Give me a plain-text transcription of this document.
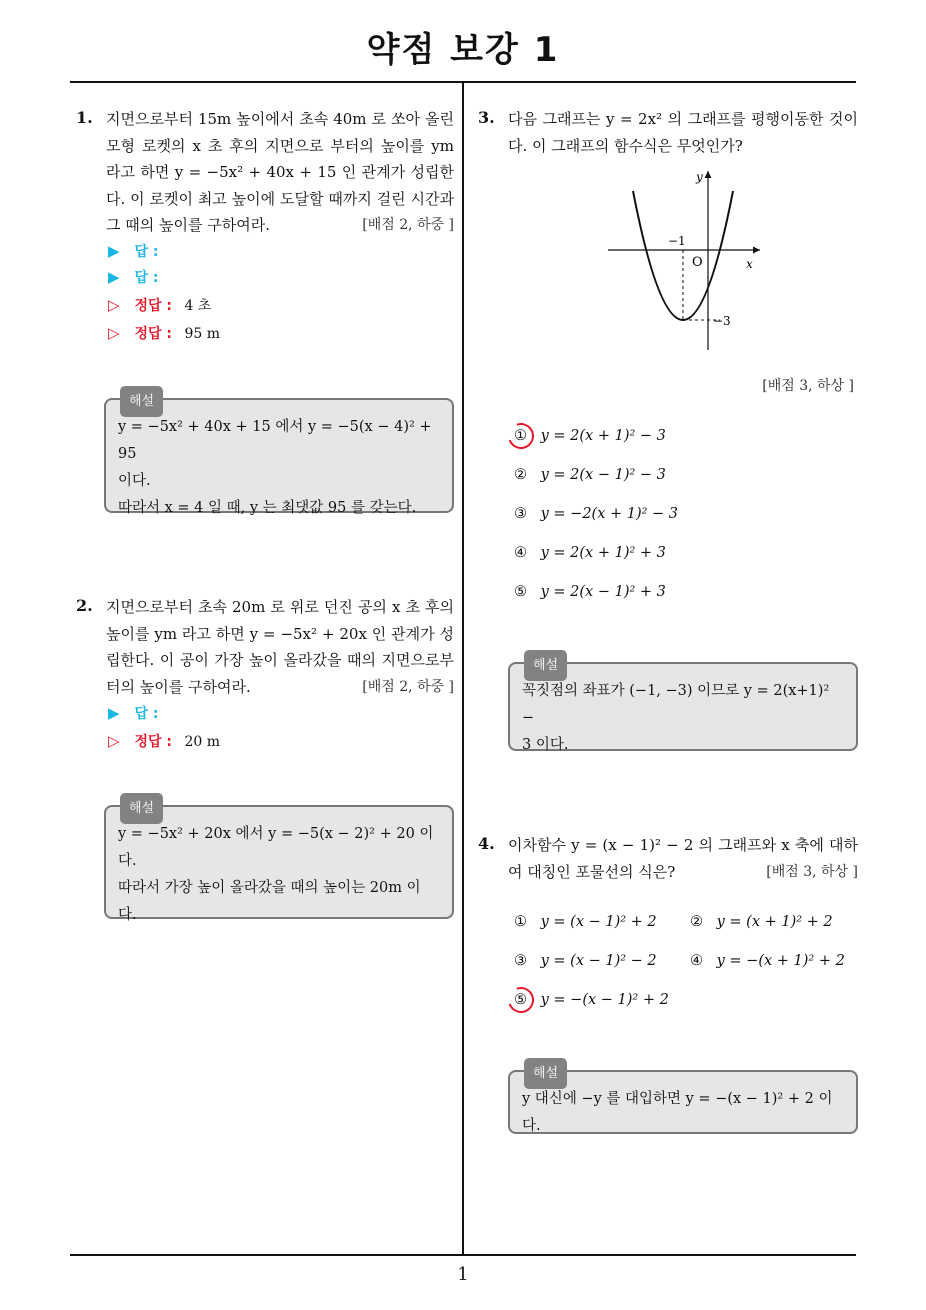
약점 보강 1
1
1. 지면으로부터 15m 높이에서 초속 40m 로 쏘아 올린 모형 로켓의 x 초 후의 지면으로 부터의 높이를 ym 라고 하면 y = −5x² + 40x + 15 인 관계가 성립한다. 이 로켓이 최고 높이에 도달할 때까지 걸린 시간과 그 때의 높이를 구하여라.	[배점 2, 하중 ]
▶ 답 :
▶ 답 :
▷ 정답 : 4 초
▷ 정답 : 95 m
해설
y = −5x² + 40x + 15 에서 y = −5(x − 4)² + 95
이다.
따라서 x = 4 일 때, y 는 최댓값 95 를 갖는다.
2. 지면으로부터 초속 20m 로 위로 던진 공의 x 초 후의 높이를 ym 라고 하면 y = −5x² + 20x 인 관계가 성립한다. 이 공이 가장 높이 올라갔을 때의 지면으로부터의 높이를 구하여라.	[배점 2, 하중 ]
▶ 답 :
▷ 정답 : 20 m
해설
y = −5x² + 20x 에서 y = −5(x − 2)² + 20 이다.
따라서 가장 높이 올라갔을 때의 높이는 20m 이
다.
3. 다음 그래프는 y = 2x² 의 그래프를 평행이동한 것이다. 이 그래프의 함수식은 무엇인가?
y
x
O
−1
−3
[배점 3, 하상 ]
① y = 2(x + 1)² − 3
② y = 2(x − 1)² − 3
③ y = −2(x + 1)² − 3
④ y = 2(x + 1)² + 3
⑤ y = 2(x − 1)² + 3
해설
꼭짓점의 좌표가 (−1, −3) 이므로 y = 2(x+1)² −
3 이다.
4. 이차함수 y = (x − 1)² − 2 의 그래프와 x 축에 대하여 대칭인 포물선의 식은?	[배점 3, 하상 ]
① y = (x − 1)² + 2 ② y = (x + 1)² + 2
③ y = (x − 1)² − 2 ④ y = −(x + 1)² + 2
⑤ y = −(x − 1)² + 2
해설
y 대신에 −y 를 대입하면 y = −(x − 1)² + 2 이다.
